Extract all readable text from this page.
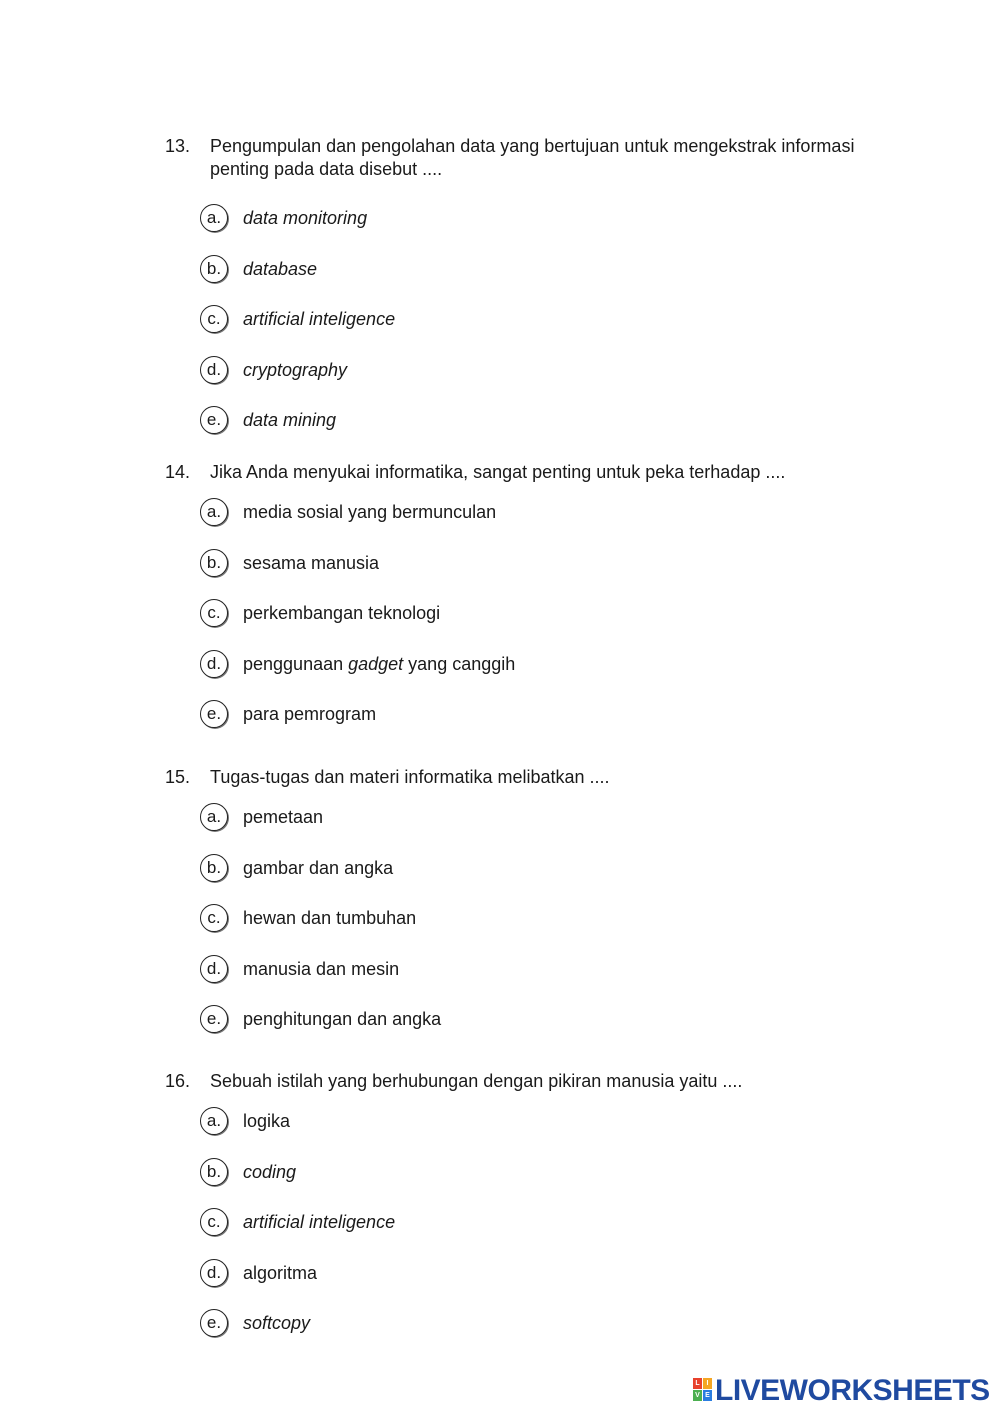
13. Pengumpulan dan pengolahan data yang bertujuan untuk mengekstrak informasi penting pada data disebut ....
a.	data monitoring
b.	database
c.	artificial inteligence
d.	cryptography
e.	data mining
14. Jika Anda menyukai informatika, sangat penting untuk peka terhadap ....
a.	media sosial yang bermunculan
b.	sesama manusia
c.	perkembangan teknologi
d.	penggunaan gadget yang canggih
e.	para pemrogram
15. Tugas-tugas dan materi informatika melibatkan ....
a.	pemetaan
b.	gambar dan angka
c.	hewan dan tumbuhan
d.	manusia dan mesin
e.	penghitungan dan angka
16. Sebuah istilah yang berhubungan dengan pikiran manusia yaitu ....
a.	logika
b.	coding
c.	artificial inteligence
d.	algoritma
e.	softcopy
L I
V E LIVEWORKSHEETS
